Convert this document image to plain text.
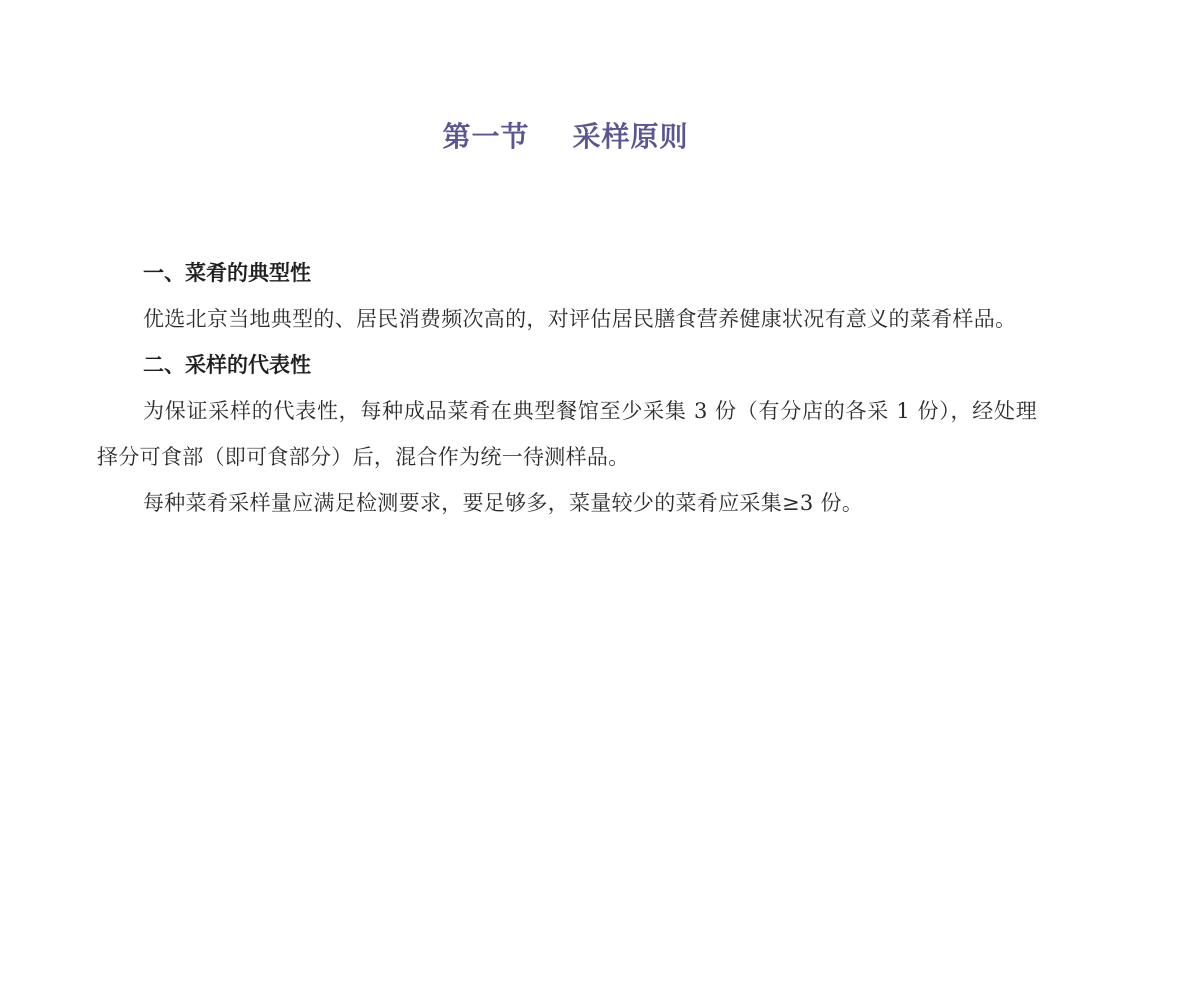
第一节    采样原则
一、菜肴的典型性

优选北京当地典型的、居民消费频次高的，对评估居民膳食营养健康状况有意义的菜肴样品。

二、采样的代表性

为保证采样的代表性，每种成品菜肴在典型餐馆至少采集 3 份（有分店的各采 1 份），经处理择分可食部（即可食部分）后，混合作为统一待测样品。

每种菜肴采样量应满足检测要求，要足够多，菜量较少的菜肴应采集≥3 份。
